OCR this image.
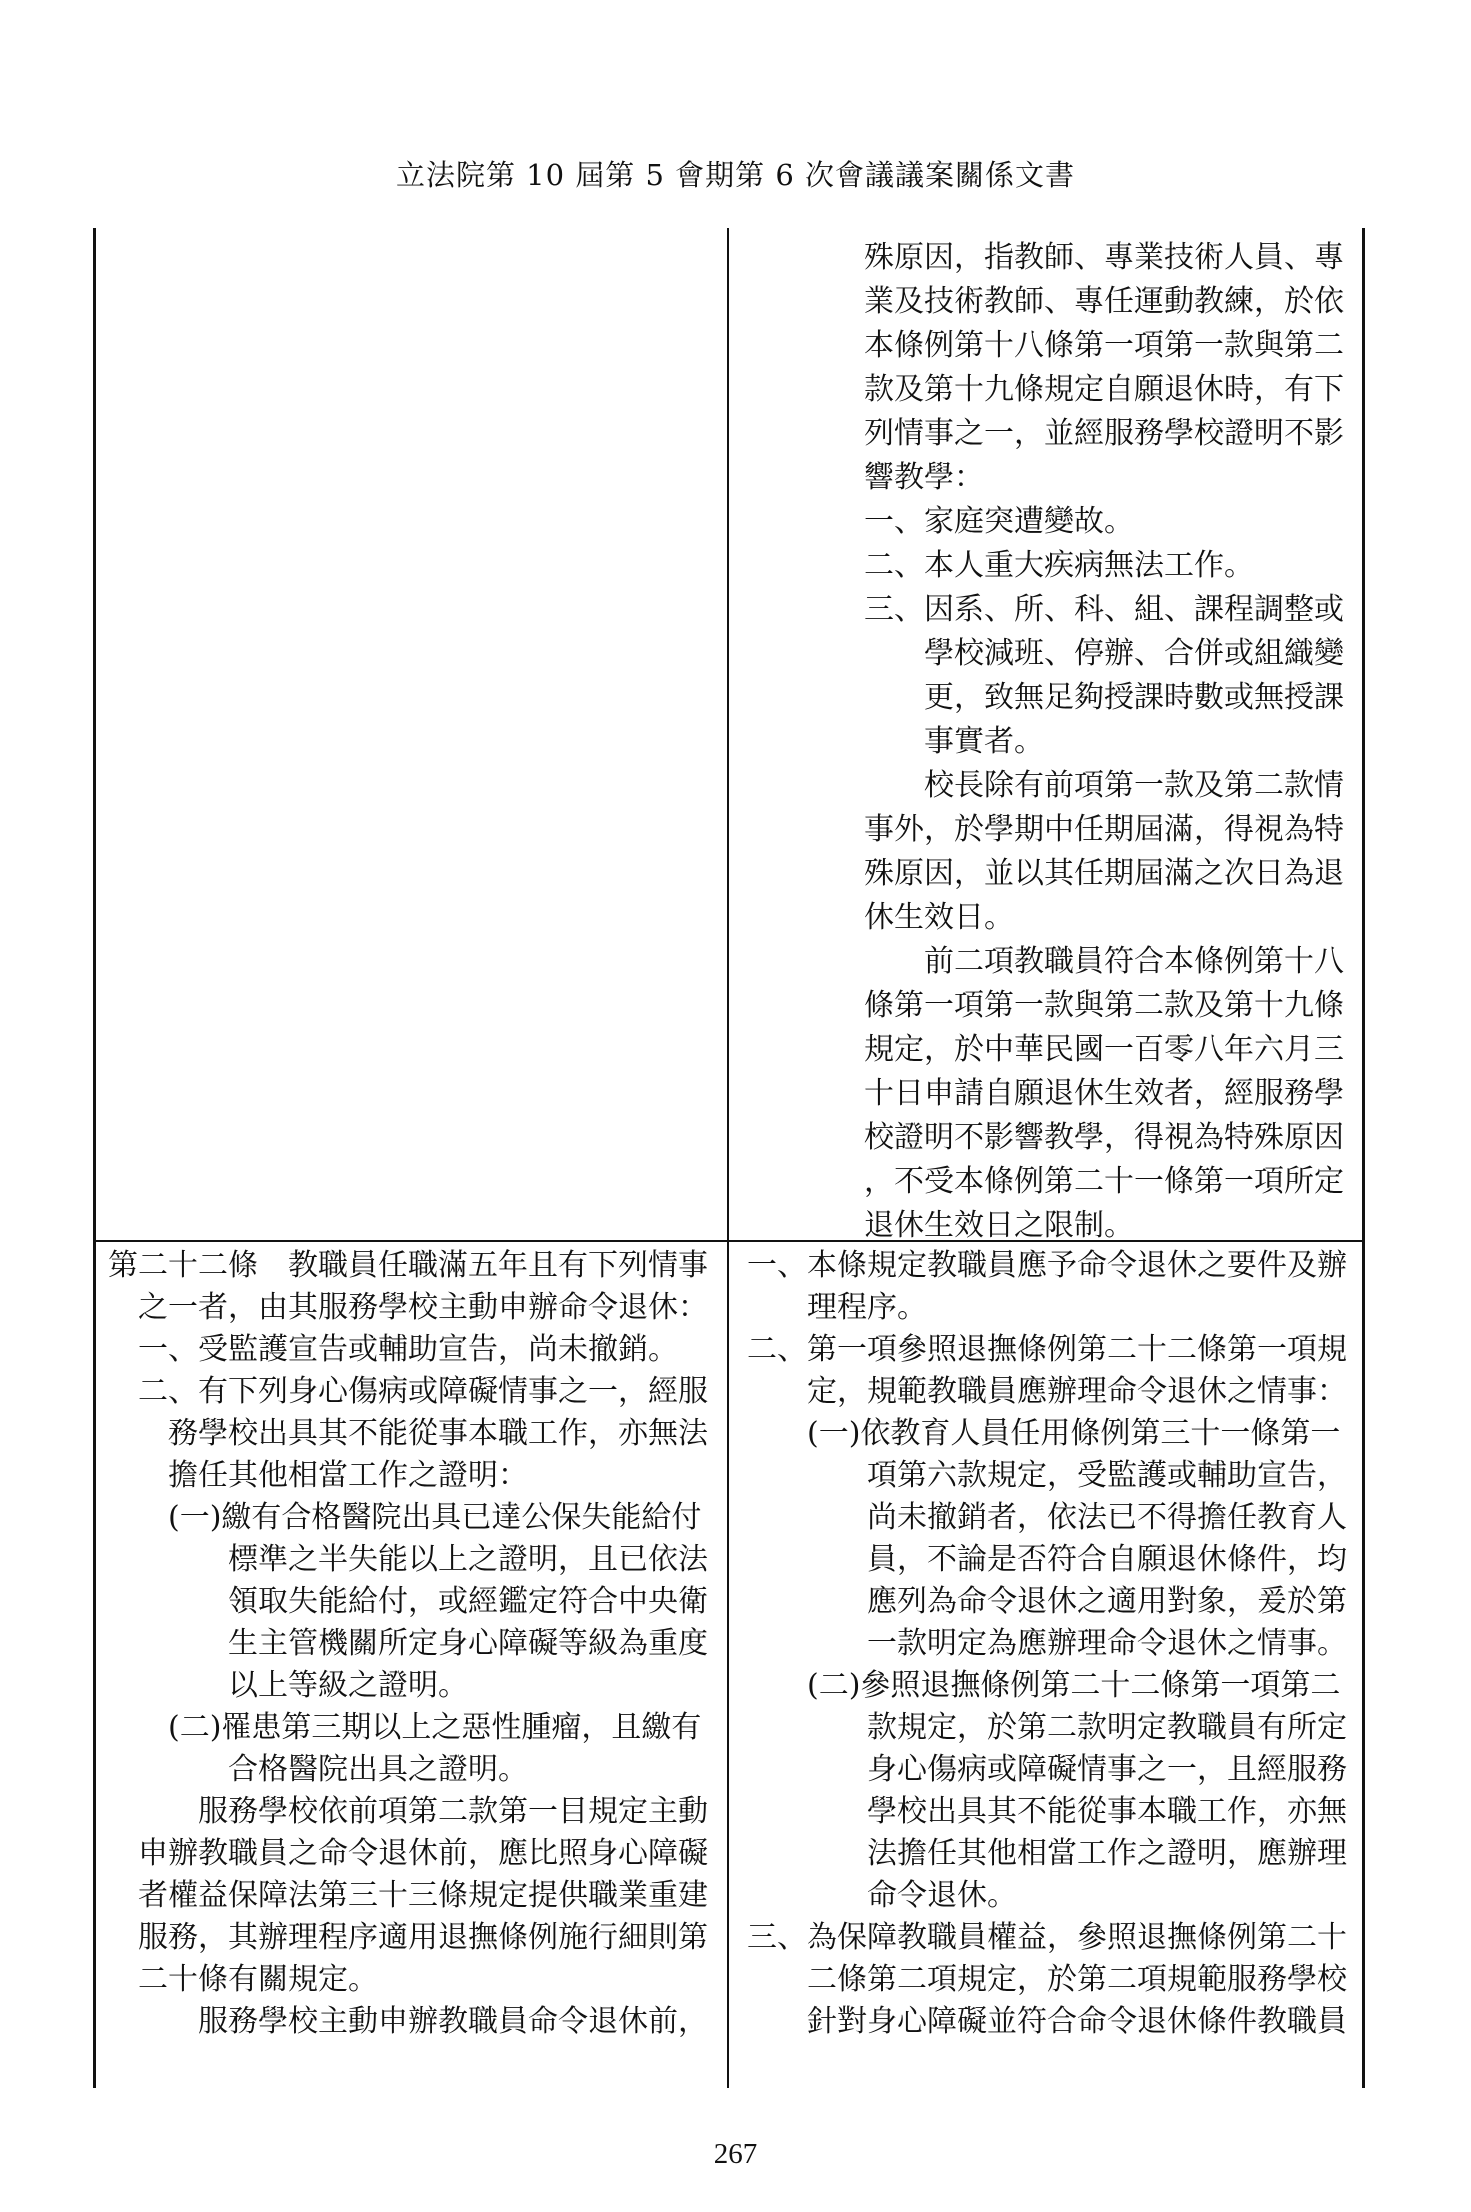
立法院第 10 屆第 5 會期第 6 次會議議案關係文書
殊原因，指教師、專業技術人員、專
業及技術教師、專任運動教練，於依
本條例第十八條第一項第一款與第二
款及第十九條規定自願退休時，有下
列情事之一，並經服務學校證明不影
響教學：
一、家庭突遭變故。
二、本人重大疾病無法工作。
三、因系、所、科、組、課程調整或
學校減班、停辦、合併或組織變
更，致無足夠授課時數或無授課
事實者。
校長除有前項第一款及第二款情
事外，於學期中任期屆滿，得視為特
殊原因，並以其任期屆滿之次日為退
休生效日。
前二項教職員符合本條例第十八
條第一項第一款與第二款及第十九條
規定，於中華民國一百零八年六月三
十日申請自願退休生效者，經服務學
校證明不影響教學，得視為特殊原因
，不受本條例第二十一條第一項所定
退休生效日之限制。
第二十二條　教職員任職滿五年且有下列情事
之一者，由其服務學校主動申辦命令退休：
一、受監護宣告或輔助宣告，尚未撤銷。
二、有下列身心傷病或障礙情事之一，經服
務學校出具其不能從事本職工作，亦無法
擔任其他相當工作之證明：
(一)繳有合格醫院出具已達公保失能給付
標準之半失能以上之證明，且已依法
領取失能給付，或經鑑定符合中央衛
生主管機關所定身心障礙等級為重度
以上等級之證明。
(二)罹患第三期以上之惡性腫瘤，且繳有
合格醫院出具之證明。
服務學校依前項第二款第一目規定主動
申辦教職員之命令退休前，應比照身心障礙
者權益保障法第三十三條規定提供職業重建
服務，其辦理程序適用退撫條例施行細則第
二十條有關規定。
服務學校主動申辦教職員命令退休前，
一、本條規定教職員應予命令退休之要件及辦
理程序。
二、第一項參照退撫條例第二十二條第一項規
定，規範教職員應辦理命令退休之情事：
(一)依教育人員任用條例第三十一條第一
項第六款規定，受監護或輔助宣告，
尚未撤銷者，依法已不得擔任教育人
員，不論是否符合自願退休條件，均
應列為命令退休之適用對象，爰於第
一款明定為應辦理命令退休之情事。
(二)參照退撫條例第二十二條第一項第二
款規定，於第二款明定教職員有所定
身心傷病或障礙情事之一，且經服務
學校出具其不能從事本職工作，亦無
法擔任其他相當工作之證明，應辦理
命令退休。
三、為保障教職員權益，參照退撫條例第二十
二條第二項規定，於第二項規範服務學校
針對身心障礙並符合命令退休條件教職員
267
